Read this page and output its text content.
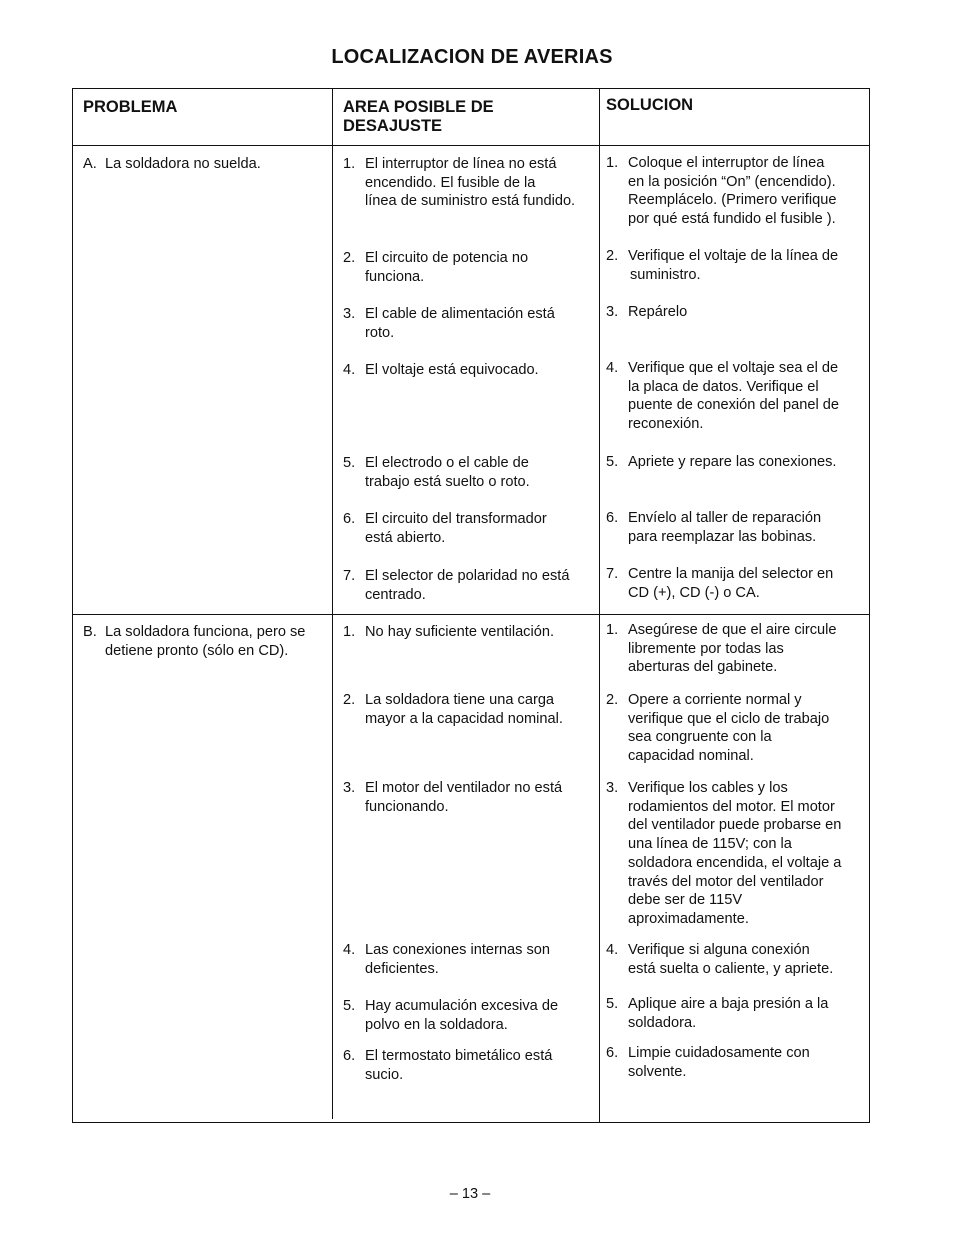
LOCALIZACION DE AVERIAS
PROBLEMA	AREA POSIBLE DE
DESAJUSTE
SOLUCION
A. La soldadora no suelda.	1. El interruptor de línea no está
encendido. El fusible de la
línea de suministro está fundido.
2. El circuito de potencia no
funciona.
3. El cable de alimentación está
roto.
4. El voltaje está equivocado.
5. El electrodo o el cable de
trabajo está suelto o roto.
6. El circuito del transformador
está abierto.
7. El selector de polaridad no está
centrado.
1. Coloque el interruptor de línea
en la posición “On” (encendido).
Reemplácelo. (Primero verifique
por qué está fundido el fusible ).
2. Verifique el voltaje de la línea de
suministro.
3. Repárelo
4. Verifique que el voltaje sea el de
la placa de datos. Verifique el
puente de conexión del panel de
reconexión.
5. Apriete y repare las conexiones.
6. Envíelo al taller de reparación
para reemplazar las bobinas.
7. Centre la manija del selector en
CD (+), CD (-) o CA.
B. La soldadora funciona, pero se
detiene pronto (sólo en CD).
1. No hay suficiente ventilación.
2. La soldadora tiene una carga
mayor a la capacidad nominal.
3. El motor del ventilador no está
funcionando.
4. Las conexiones internas son
deficientes.
5. Hay acumulación excesiva de
polvo en la soldadora.
6. El termostato bimetálico está
sucio.
1. Asegúrese de que el aire circule
libremente por todas las
aberturas del gabinete.
2. Opere a corriente normal y
verifique que el ciclo de trabajo
sea congruente con la
capacidad nominal.
3. Verifique los cables y los
rodamientos del motor. El motor
del ventilador puede probarse en
una línea de 115V; con la
soldadora encendida, el voltaje a
través del motor del ventilador
debe ser de 115V
aproximadamente.
4. Verifique si alguna conexión
está suelta o caliente, y apriete.
5. Aplique aire a baja presión a la
soldadora.
6. Limpie cuidadosamente con
solvente.
– 13 –
